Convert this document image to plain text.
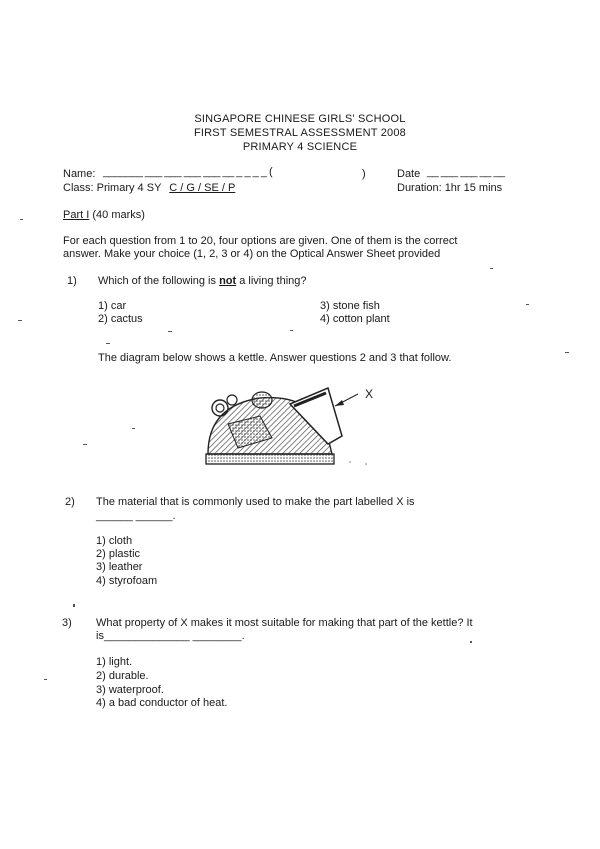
SINGAPORE CHINESE GIRLS' SCHOOL
FIRST SEMESTRAL ASSESSMENT 2008
PRIMARY 4 SCIENCE
Name: _______ ___ ___ ___ ___ __ _ _ _ _ (	)	Date __ ___ ___ __ __
Class: Primary 4 SY C / G / SE / P	Duration: 1hr 15 mins
Part I (40 marks)
For each question from 1 to 20, four options are given. One of them is the correct
answer. Make your choice (1, 2, 3 or 4) on the Optical Answer Sheet provided
1) Which of the following is not a living thing?
1) car
2) cactus
3) stone fish
4) cotton plant
The diagram below shows a kettle. Answer questions 2 and 3 that follow.
X
2) The material that is commonly used to make the part labelled X is
______ ______.
1) cloth
2) plastic
3) leather
4) styrofoam
3) What property of X makes it most suitable for making that part of the kettle? It
is______________ ________.
1) light.
2) durable.
3) waterproof.
4) a bad conductor of heat.
